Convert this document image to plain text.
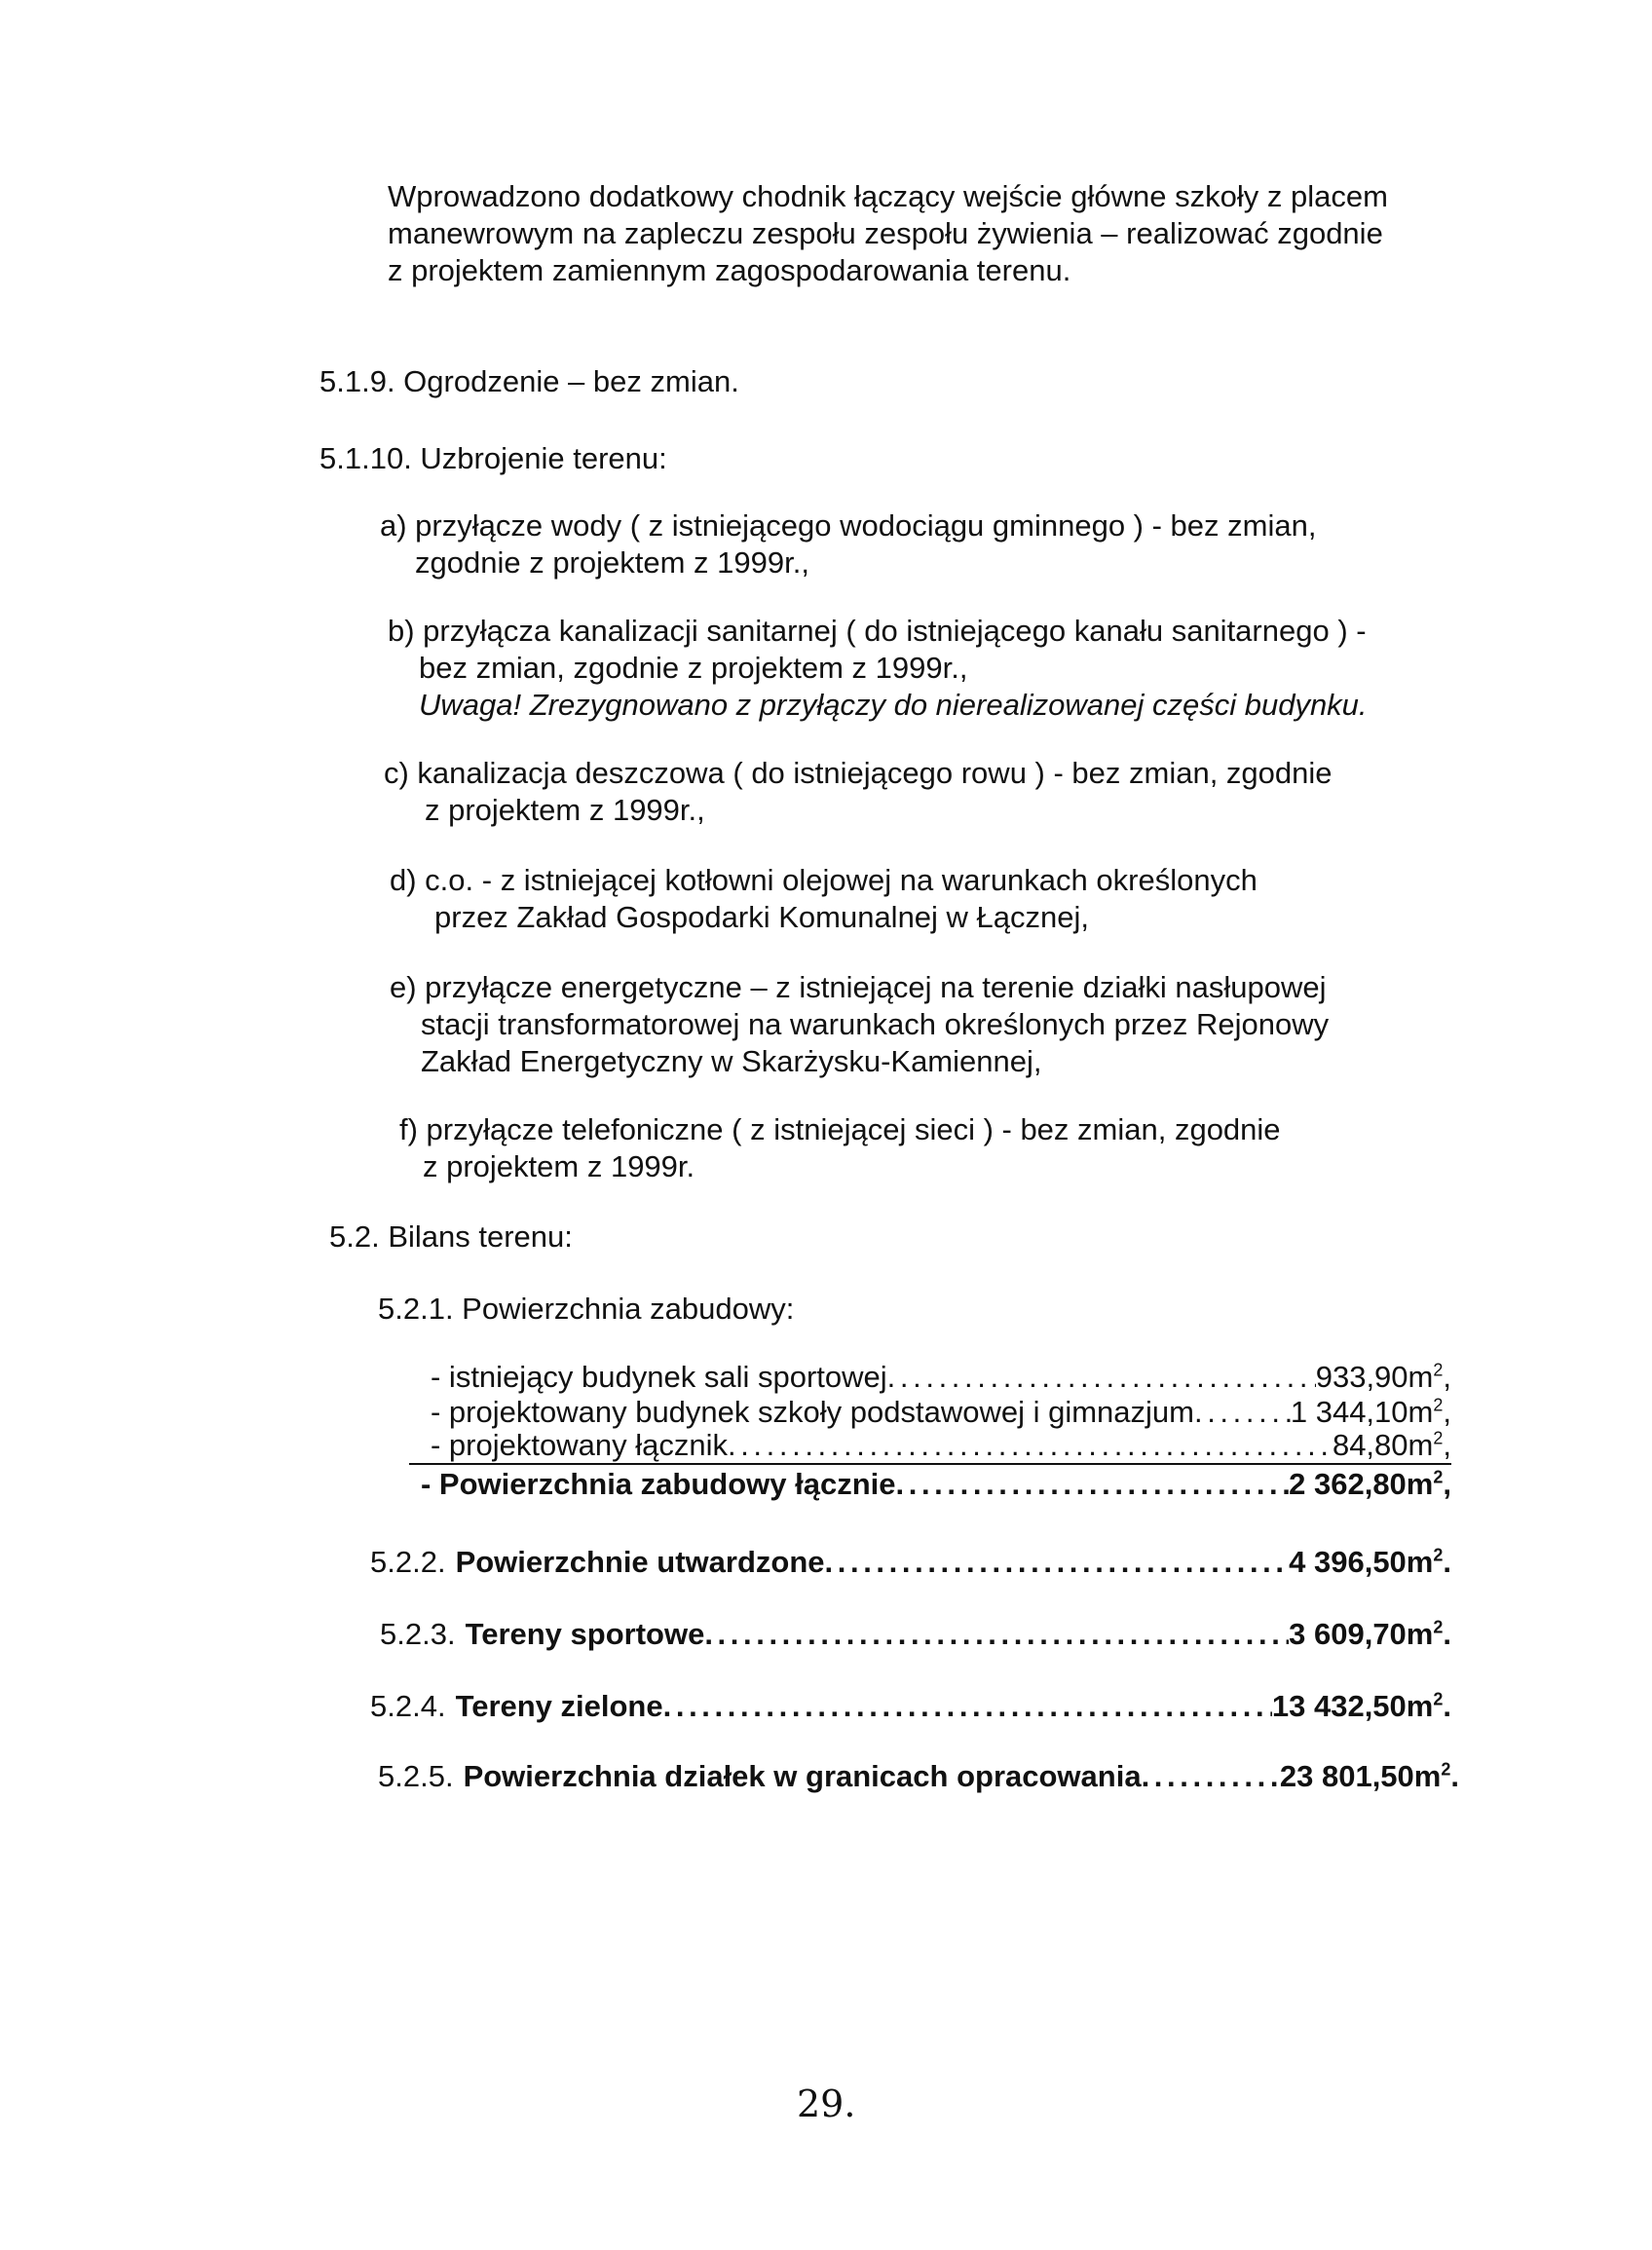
Wprowadzono dodatkowy chodnik łączący wejście główne szkoły z placem
manewrowym na zapleczu zespołu zespołu żywienia – realizować zgodnie
z projektem zamiennym zagospodarowania terenu.
5.1.9. Ogrodzenie – bez zmian.
5.1.10. Uzbrojenie terenu:
a) przyłącze wody ( z istniejącego wodociągu gminnego ) - bez zmian,
zgodnie z projektem z 1999r.,
b) przyłącza kanalizacji sanitarnej ( do istniejącego kanału sanitarnego ) -
bez zmian, zgodnie z projektem z 1999r.,
Uwaga! Zrezygnowano z przyłączy do nierealizowanej części budynku.
c) kanalizacja deszczowa ( do istniejącego rowu ) - bez zmian, zgodnie
z projektem z 1999r.,
d) c.o. - z istniejącej kotłowni olejowej na warunkach określonych
przez Zakład Gospodarki Komunalnej w Łącznej,
e) przyłącze energetyczne – z istniejącej na terenie działki nasłupowej
stacji transformatorowej na warunkach określonych przez Rejonowy
Zakład Energetyczny w Skarżysku-Kamiennej,
f) przyłącze telefoniczne ( z istniejącej sieci ) - bez zmian, zgodnie
z projektem z 1999r.
5.2. Bilans terenu:
5.2.1. Powierzchnia zabudowy:
- istniejący budynek sali sportowej . . .	$933,90m^2$,
- projektowany budynek szkoły podstawowej i gimnazjum . . .	1 $344,10m^2$,
- projektowany łącznik . . .	$84,80m^2$,
- Powierzchnia zabudowy łącznie . . .	2 $362,80m^2$,
5.2.2. Powierzchnie utwardzone . . .	4 $396,50m^2$.
5.2.3. Tereny sportowe . . .	3 $609,70m^2$.
5.2.4. Tereny zielone . . .	13 $432,50m^2$.
5.2.5. Powierzchnia działek w granicach opracowania . . .	23 $801,50m^2$.
29.
